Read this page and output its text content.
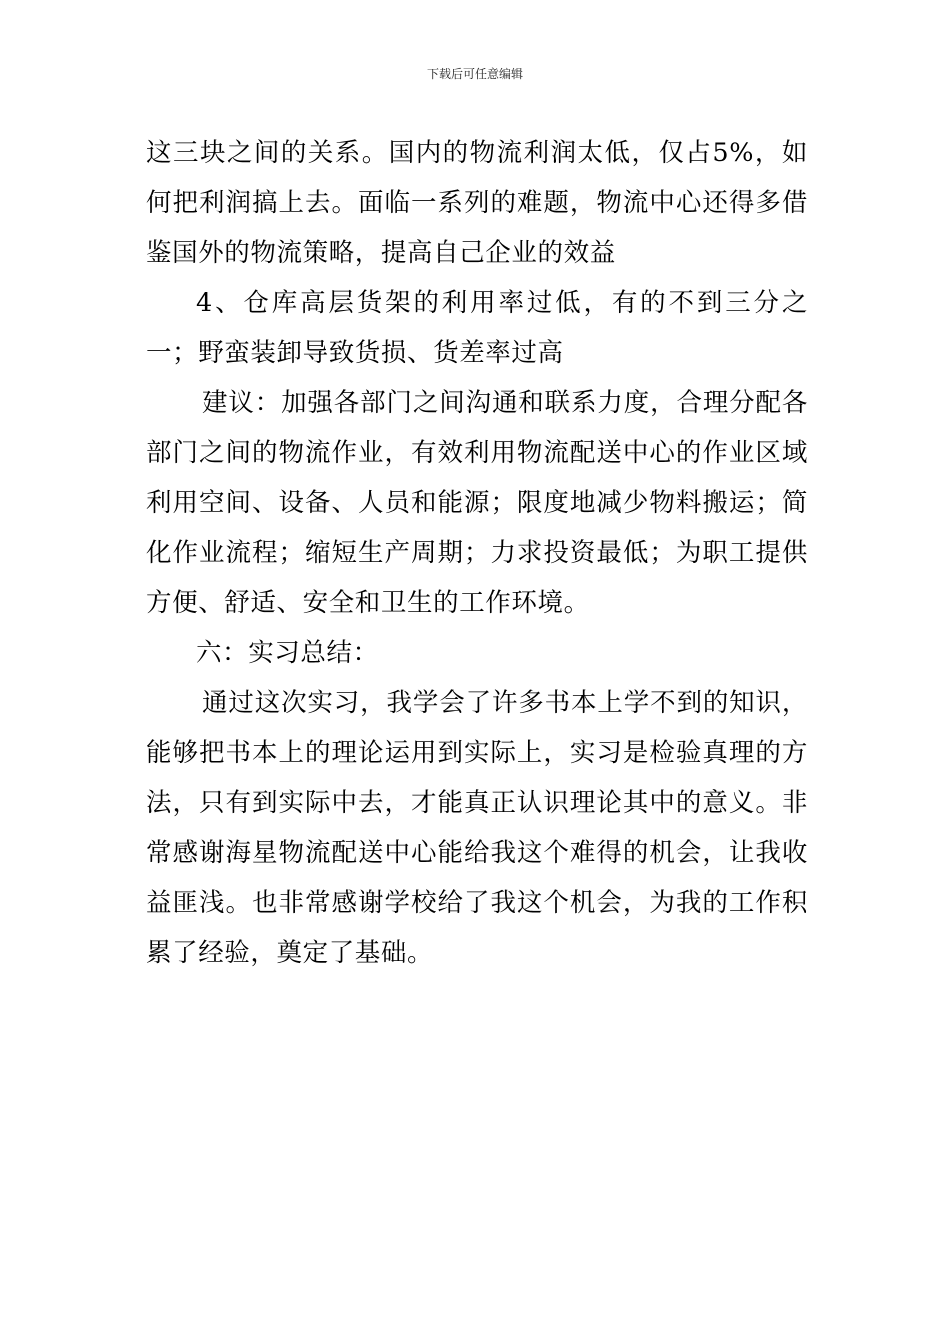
下载后可任意编辑

这三块之间的关系。国内的物流利润太低，仅占5%，如何把利润搞上去。面临一系列的难题，物流中心还得多借鉴国外的物流策略，提高自己企业的效益

4、仓库高层货架的利用率过低，有的不到三分之一；野蛮装卸导致货损、货差率过高

建议：加强各部门之间沟通和联系力度，合理分配各部门之间的物流作业，有效利用物流配送中心的作业区域利用空间、设备、人员和能源；限度地减少物料搬运；简化作业流程；缩短生产周期；力求投资最低；为职工提供方便、舒适、安全和卫生的工作环境。

六：实习总结：

通过这次实习，我学会了许多书本上学不到的知识，能够把书本上的理论运用到实际上，实习是检验真理的方法，只有到实际中去，才能真正认识理论其中的意义。非常感谢海星物流配送中心能给我这个难得的机会，让我收益匪浅。也非常感谢学校给了我这个机会，为我的工作积累了经验，奠定了基础。
